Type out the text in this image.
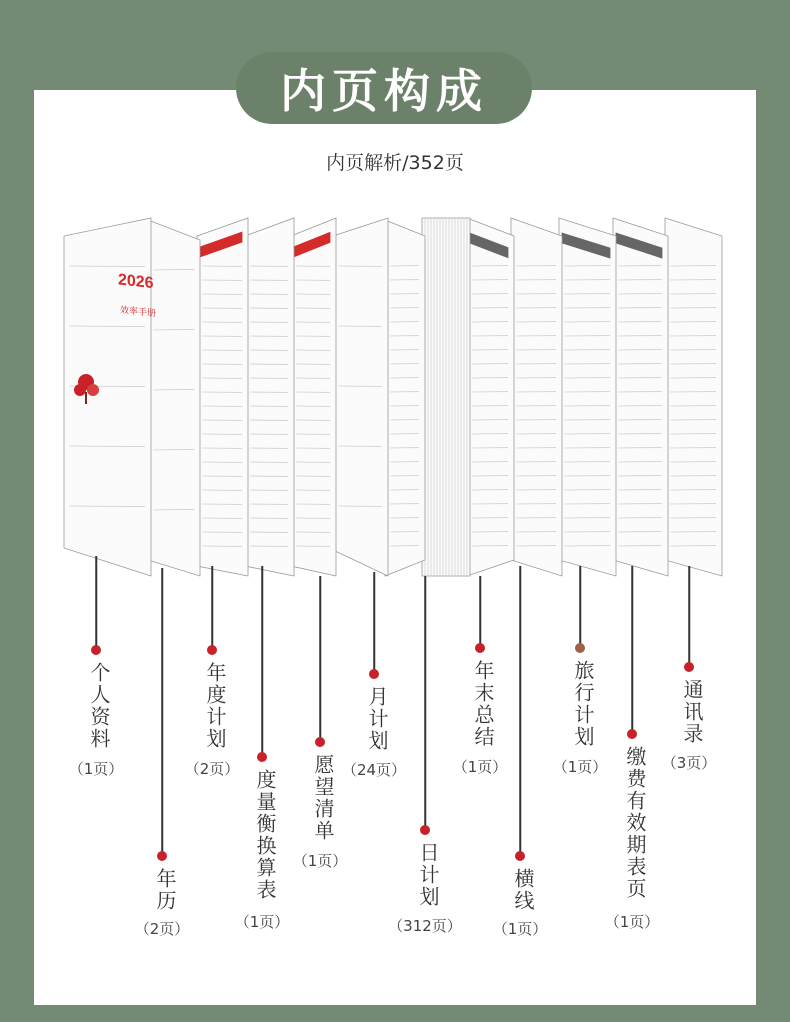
内页构成
内页解析/352页
2026
效率手册
个人资料
（1页）
年历
（2页）
年度计划
（2页） 度量衡换算表
（1页）
愿望清单
（1页）
月计划
（24页）
日计划
（312页）
年末总结
（1页）
横线
（1页）
旅行计划
（1页） 缴费有效期表页
（1页）
通讯录
（3页）
